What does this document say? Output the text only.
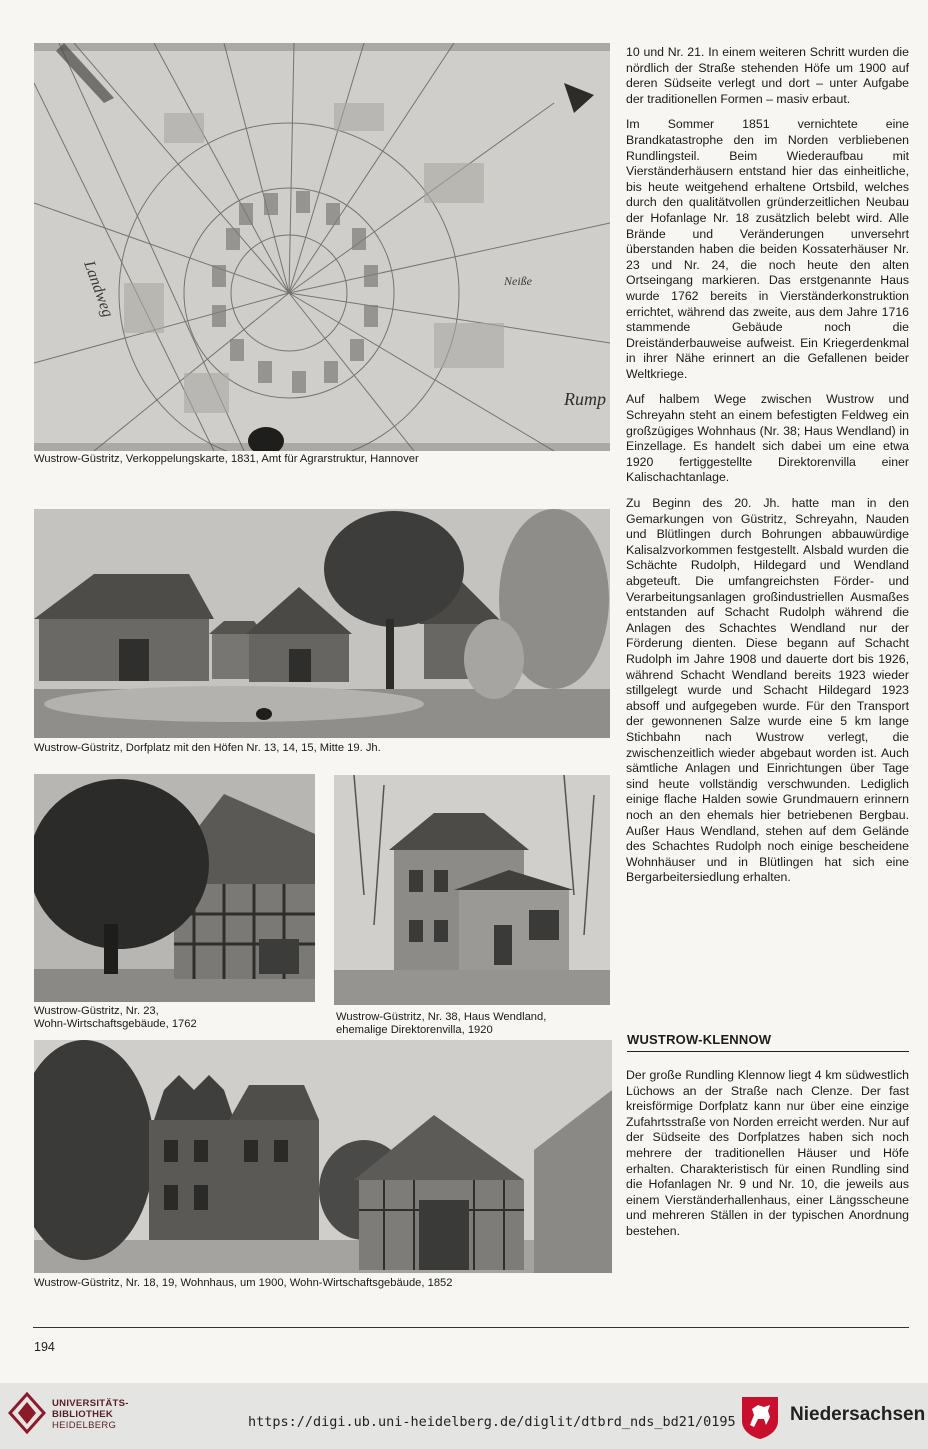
Neiße
Rump
Landweg
Wustrow-Güstritz, Verkoppelungskarte, 1831, Amt für Agrarstruktur, Hannover
Wustrow-Güstritz, Dorfplatz mit den Höfen Nr. 13, 14, 15, Mitte 19. Jh.
Wustrow-Güstritz, Nr. 23,
Wohn-Wirtschaftsgebäude, 1762
Wustrow-Güstritz, Nr. 38, Haus Wendland,
ehemalige Direktorenvilla, 1920
Wustrow-Güstritz, Nr. 18, 19, Wohnhaus, um 1900, Wohn-Wirtschaftsgebäude, 1852

10 und Nr. 21. In einem weiteren Schritt wurden die nördlich der Straße stehenden Höfe um 1900 auf deren Südseite verlegt und dort – unter Aufgabe der traditionellen Formen – masiv erbaut.

Im Sommer 1851 vernichtete eine Brandkatastrophe den im Norden verbliebenen Rundlingsteil. Beim Wiederaufbau mit Vierständerhäusern entstand hier das einheitliche, bis heute weitgehend erhaltene Ortsbild, welches durch den qualitätvollen gründerzeitlichen Neubau der Hofanlage Nr. 18 zusätzlich belebt wird. Alle Brände und Veränderungen unversehrt überstanden haben die beiden Kossaterhäuser Nr. 23 und Nr. 24, die noch heute den alten Ortseingang markieren. Das erstgenannte Haus wurde 1762 bereits in Vierständerkonstruktion errichtet, während das zweite, aus dem Jahre 1716 stammende Gebäude noch die Dreiständerbauweise aufweist. Ein Kriegerdenkmal in ihrer Nähe erinnert an die Gefallenen beider Weltkriege.

Auf halbem Wege zwischen Wustrow und Schreyahn steht an einem befestigten Feldweg ein großzügiges Wohnhaus (Nr. 38; Haus Wendland) in Einzellage. Es handelt sich dabei um eine etwa 1920 fertiggestellte Direktorenvilla einer Kalischachtanlage.

Zu Beginn des 20. Jh. hatte man in den Gemarkungen von Güstritz, Schreyahn, Nauden und Blütlingen durch Bohrungen abbauwürdige Kalisalzvorkommen festgestellt. Alsbald wurden die Schächte Rudolph, Hildegard und Wendland abgeteuft. Die umfangreichsten Förder- und Verarbeitungsanlagen großindustriellen Ausmaßes entstanden auf Schacht Rudolph während die Anlagen des Schachtes Wendland nur der Förderung dienten. Diese begann auf Schacht Rudolph im Jahre 1908 und dauerte dort bis 1926, während Schacht Wendland bereits 1923 wieder stillgelegt wurde und Schacht Hildegard 1923 absoff und aufgegeben wurde. Für den Transport der gewonnenen Salze wurde eine 5 km lange Stichbahn nach Wustrow verlegt, die zwischenzeitlich wieder abgebaut worden ist. Auch sämtliche Anlagen und Einrichtungen über Tage sind heute vollständig verschwunden. Lediglich einige flache Halden sowie Grundmauern erinnern noch an den ehemals hier betriebenen Bergbau. Außer Haus Wendland, stehen auf dem Gelände des Schachtes Rudolph noch einige bescheidene Wohnhäuser und in Blütlingen hat sich eine Bergarbeitersiedlung erhalten.

WUSTROW-KLENNOW

Der große Rundling Klennow liegt 4 km südwestlich Lüchows an der Straße nach Clenze. Der fast kreisförmige Dorfplatz kann nur über eine einzige Zufahrtsstraße von Norden erreicht werden. Nur auf der Südseite des Dorfplatzes haben sich noch mehrere der traditionellen Häuser und Höfe erhalten. Charakteristisch für einen Rundling sind die Hofanlagen Nr. 9 und Nr. 10, die jeweils aus einem Vierständerhallenhaus, einer Längsscheune und mehreren Ställen in der typischen Anordnung bestehen.

194
UNIVERSITÄTS-
BIBLIOTHEK
HEIDELBERG	https://digi.ub.uni-heidelberg.de/diglit/dtbrd_nds_bd21/0195	Niedersachsen
